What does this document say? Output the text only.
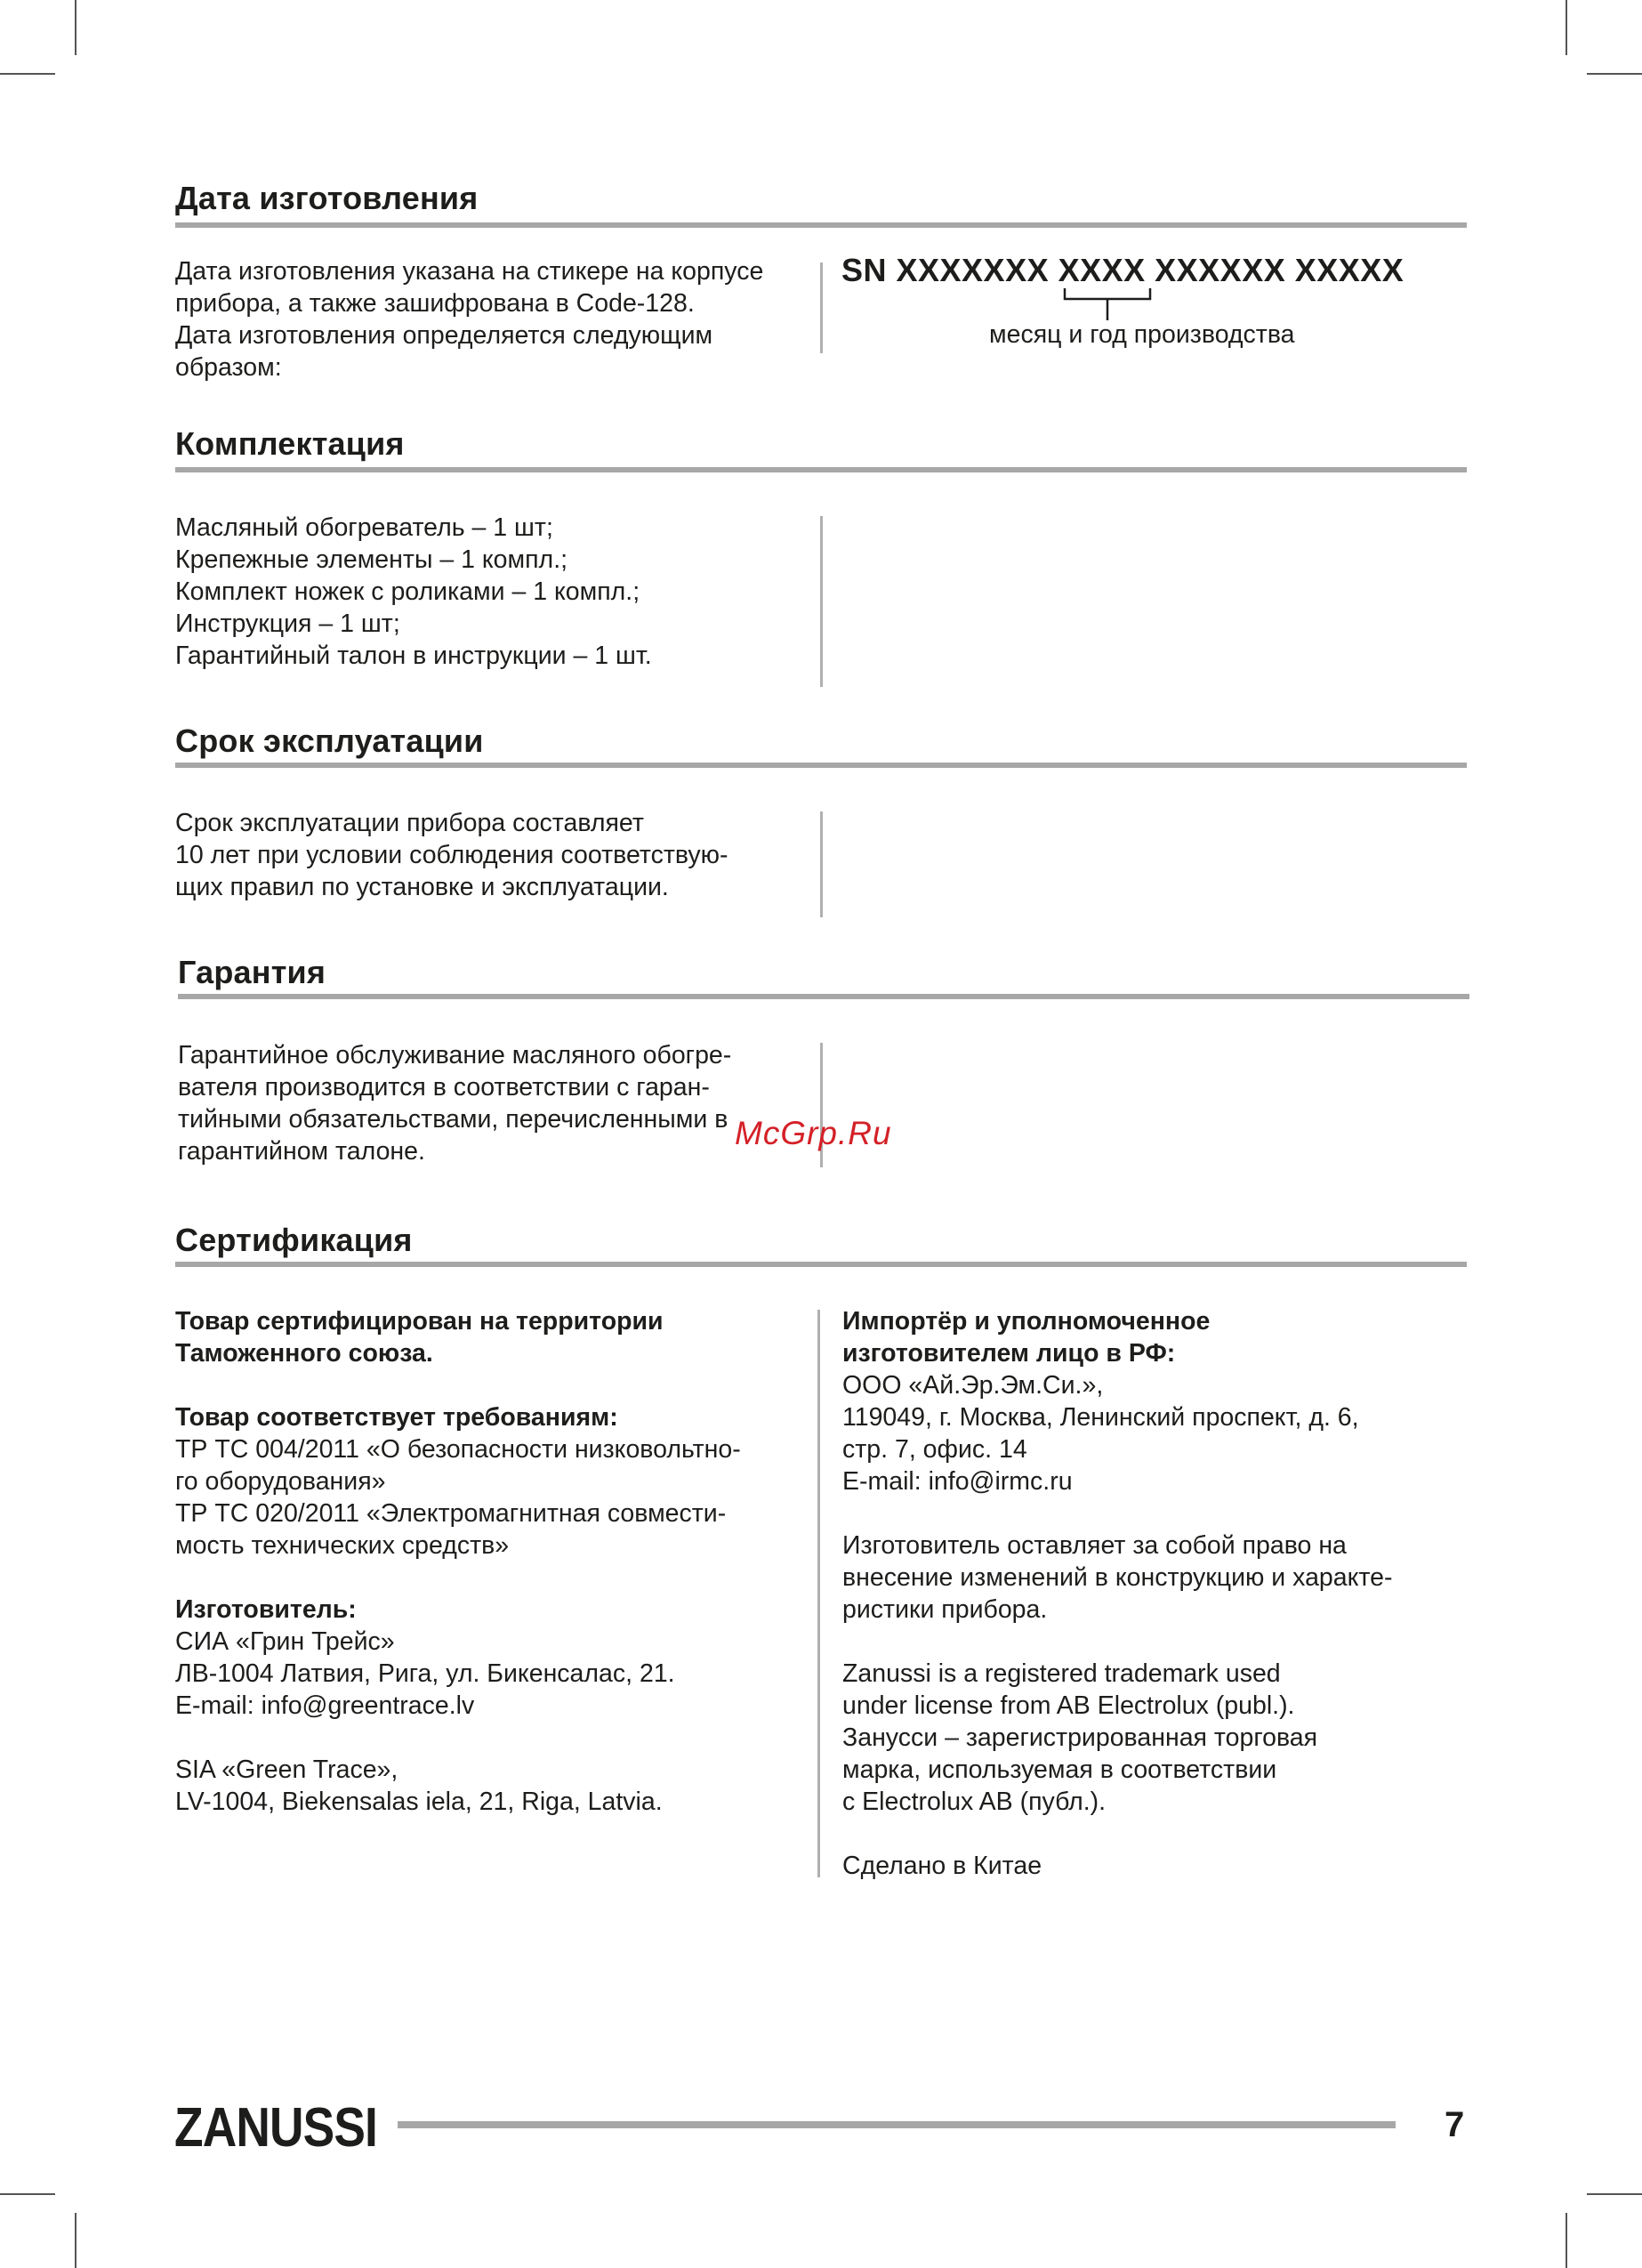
Дата изготовления

Дата изготовления указана на стикере на корпусе

прибора, а также зашифрована в Code-128.

Дата изготовления определяется следующим

образом:

SN XXXXXXX XXXX XXXXXX XXXXX
месяц и год производства
Комплектация

Масляный обогреватель – 1 шт;

Крепежные элементы – 1 компл.;

Комплект ножек с роликами – 1 компл.;

Инструкция – 1 шт;

Гарантийный талон в инструкции – 1 шт.

Срок эксплуатации

Срок эксплуатации прибора составляет

10 лет при условии соблюдения соответствую-

щих правил по установке и эксплуатации.

Гарантия

Гарантийное обслуживание масляного обогре-

вателя производится в соответствии с гаран-

тийными обязательствами, перечисленными в

гарантийном талоне.	McGrp.Ru
Сертификация

Товар сертифицирован на территории

Таможенного союза.

Товар соответствует требованиям:

ТР ТС 004/2011 «О безопасности низковольтно-

го оборудования»

ТР ТС 020/2011 «Электромагнитная совмести-

мость технических средств»

Изготовитель:

СИА «Грин Трейс»

ЛВ-1004 Латвия, Рига, ул. Бикенсалас, 21.

E-mail: info@greentrace.lv

SIA «Green Trace»,

LV-1004, Biekensalas iela, 21, Riga, Latvia.

Импортёр и уполномоченное

изготовителем лицо в РФ:

ООО «Ай.Эр.Эм.Си.»,

119049, г. Москва, Ленинский проспект, д. 6,

стр. 7, офис. 14

E-mail: info@irmc.ru

Изготовитель оставляет за собой право на

внесение изменений в конструкцию и характе-

ристики прибора.

Zanussi is a registered trademark used

under license from AB Electrolux (publ.).

Занусси – зарегистрированная торговая

марка, используемая в соответствии

с Electrolux AB (публ.).

Сделано в Китае

ZANUSSI	7
